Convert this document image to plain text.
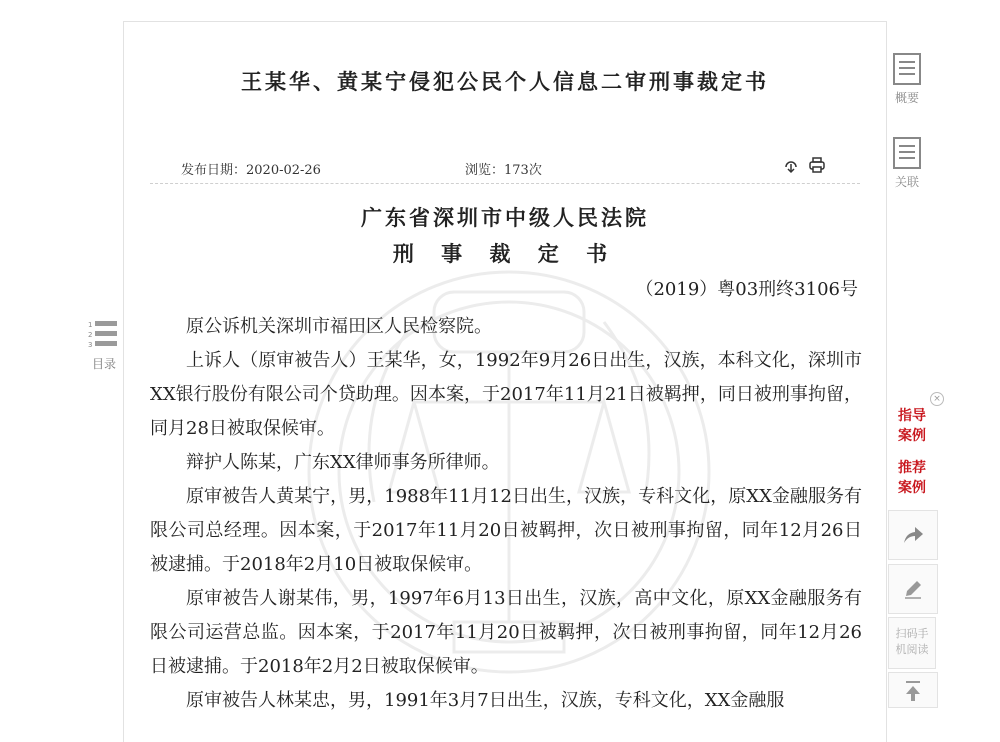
王某华、黄某宁侵犯公民个人信息二审刑事裁定书
发布日期：2020-02-26	浏览：173次
广东省深圳市中级人民法院
刑 事 裁 定 书
（2019）粤03刑终3106号

原公诉机关深圳市福田区人民检察院。

上诉人（原审被告人）王某华，女，1992年9月26日出生，汉族，本科文化，深圳市XX银行股份有限公司个贷助理。因本案，于2017年11月21日被羁押，同日被刑事拘留，同月28日被取保候审。

辩护人陈某，广东XX律师事务所律师。

原审被告人黄某宁，男，1988年11月12日出生，汉族，专科文化，原XX金融服务有限公司总经理。因本案，于2017年11月20日被羁押，次日被刑事拘留，同年12月26日被逮捕。于2018年2月10日被取保候审。

原审被告人谢某伟，男，1997年6月13日出生，汉族，高中文化，原XX金融服务有限公司运营总监。因本案，于2017年11月20日被羁押，次日被刑事拘留，同年12月26日被逮捕。于2018年2月2日被取保候审。

原审被告人林某忠，男，1991年3月7日出生，汉族，专科文化，XX金融服

1
2
3
目录
概要
关联
×
指导
案例
推荐
案例
扫码手
机阅读
